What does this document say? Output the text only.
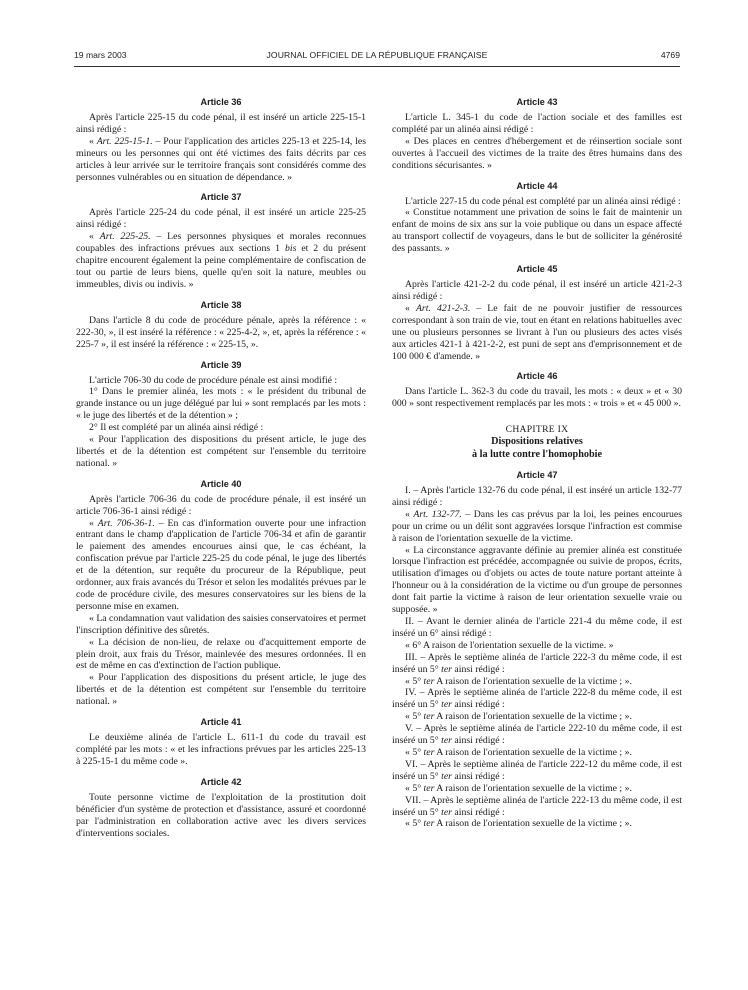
19 mars 2003	JOURNAL OFFICIEL DE LA RÉPUBLIQUE FRANÇAISE	4769
Article 36

Après l'article 225-15 du code pénal, il est inséré un article 225-15-1 ainsi rédigé :

« Art. 225-15-1. – Pour l'application des articles 225-13 et 225-14, les mineurs ou les personnes qui ont été victimes des faits décrits par ces articles à leur arrivée sur le territoire français sont considérés comme des personnes vulnérables ou en situation de dépendance. »

Article 37

Après l'article 225-24 du code pénal, il est inséré un article 225-25 ainsi rédigé :

« Art. 225-25. – Les personnes physiques et morales reconnues coupables des infractions prévues aux sections 1 bis et 2 du présent chapitre encourent également la peine complémentaire de confiscation de tout ou partie de leurs biens, quelle qu'en soit la nature, meubles ou immeubles, divis ou indivis. »

Article 38

Dans l'article 8 du code de procédure pénale, après la référence : « 222-30, », il est inséré la référence : « 225-4-2, », et, après la référence : « 225-7 », il est inséré la référence : « 225-15, ».

Article 39

L'article 706-30 du code de procédure pénale est ainsi modifié :

1° Dans le premier alinéa, les mots : « le président du tribunal de grande instance ou un juge délégué par lui » sont remplacés par les mots : « le juge des libertés et de la détention » ;

2° Il est complété par un alinéa ainsi rédigé :

« Pour l'application des dispositions du présent article, le juge des libertés et de la détention est compétent sur l'ensemble du territoire national. »

Article 40

Après l'article 706-36 du code de procédure pénale, il est inséré un article 706-36-1 ainsi rédigé :

« Art. 706-36-1. – En cas d'information ouverte pour une infraction entrant dans le champ d'application de l'article 706-34 et afin de garantir le paiement des amendes encourues ainsi que, le cas échéant, la confiscation prévue par l'article 225-25 du code pénal, le juge des libertés et de la détention, sur requête du procureur de la République, peut ordonner, aux frais avancés du Trésor et selon les modalités prévues par le code de procédure civile, des mesures conservatoires sur les biens de la personne mise en examen.

« La condamnation vaut validation des saisies conservatoires et permet l'inscription définitive des sûretés.

« La décision de non-lieu, de relaxe ou d'acquittement emporte de plein droit, aux frais du Trésor, mainlevée des mesures ordonnées. Il en est de même en cas d'extinction de l'action publique.

« Pour l'application des dispositions du présent article, le juge des libertés et de la détention est compétent sur l'ensemble du territoire national. »

Article 41

Le deuxième alinéa de l'article L. 611-1 du code du travail est complété par les mots : « et les infractions prévues par les articles 225-13 à 225-15-1 du même code ».

Article 42

Toute personne victime de l'exploitation de la prostitution doit bénéficier d'un système de protection et d'assistance, assuré et coordonné par l'administration en collaboration active avec les divers services d'interventions sociales.

Article 43

L'article L. 345-1 du code de l'action sociale et des familles est complété par un alinéa ainsi rédigé :

« Des places en centres d'hébergement et de réinsertion sociale sont ouvertes à l'accueil des victimes de la traite des êtres humains dans des conditions sécurisantes. »

Article 44

L'article 227-15 du code pénal est complété par un alinéa ainsi rédigé :

« Constitue notamment une privation de soins le fait de maintenir un enfant de moins de six ans sur la voie publique ou dans un espace affecté au transport collectif de voyageurs, dans le but de solliciter la générosité des passants. »

Article 45

Après l'article 421-2-2 du code pénal, il est inséré un article 421-2-3 ainsi rédigé :

« Art. 421-2-3. – Le fait de ne pouvoir justifier de ressources correspondant à son train de vie, tout en étant en relations habituelles avec une ou plusieurs personnes se livrant à l'un ou plusieurs des actes visés aux articles 421-1 à 421-2-2, est puni de sept ans d'emprisonnement et de 100 000 € d'amende. »

Article 46

Dans l'article L. 362-3 du code du travail, les mots : « deux » et « 30 000 » sont respectivement remplacés par les mots : « trois » et « 45 000 ».

CHAPITRE IX
Dispositions relatives
à la lutte contre l'homophobie
Article 47

I. – Après l'article 132-76 du code pénal, il est inséré un article 132-77 ainsi rédigé :

« Art. 132-77. – Dans les cas prévus par la loi, les peines encourues pour un crime ou un délit sont aggravées lorsque l'infraction est commise à raison de l'orientation sexuelle de la victime.

« La circonstance aggravante définie au premier alinéa est constituée lorsque l'infraction est précédée, accompagnée ou suivie de propos, écrits, utilisation d'images ou d'objets ou actes de toute nature portant atteinte à l'honneur ou à la considération de la victime ou d'un groupe de personnes dont fait partie la victime à raison de leur orientation sexuelle vraie ou supposée. »

II. – Avant le dernier alinéa de l'article 221-4 du même code, il est inséré un 6° ainsi rédigé :

« 6° A raison de l'orientation sexuelle de la victime. »

III. – Après le septième alinéa de l'article 222-3 du même code, il est inséré un 5° ter ainsi rédigé :

« 5° ter A raison de l'orientation sexuelle de la victime ; ».

IV. – Après le septième alinéa de l'article 222-8 du même code, il est inséré un 5° ter ainsi rédigé :

« 5° ter A raison de l'orientation sexuelle de la victime ; ».

V. – Après le septième alinéa de l'article 222-10 du même code, il est inséré un 5° ter ainsi rédigé :

« 5° ter A raison de l'orientation sexuelle de la victime ; ».

VI. – Après le septième alinéa de l'article 222-12 du même code, il est inséré un 5° ter ainsi rédigé :

« 5° ter A raison de l'orientation sexuelle de la victime ; ».

VII. – Après le septième alinéa de l'article 222-13 du même code, il est inséré un 5° ter ainsi rédigé :

« 5° ter A raison de l'orientation sexuelle de la victime ; ».
